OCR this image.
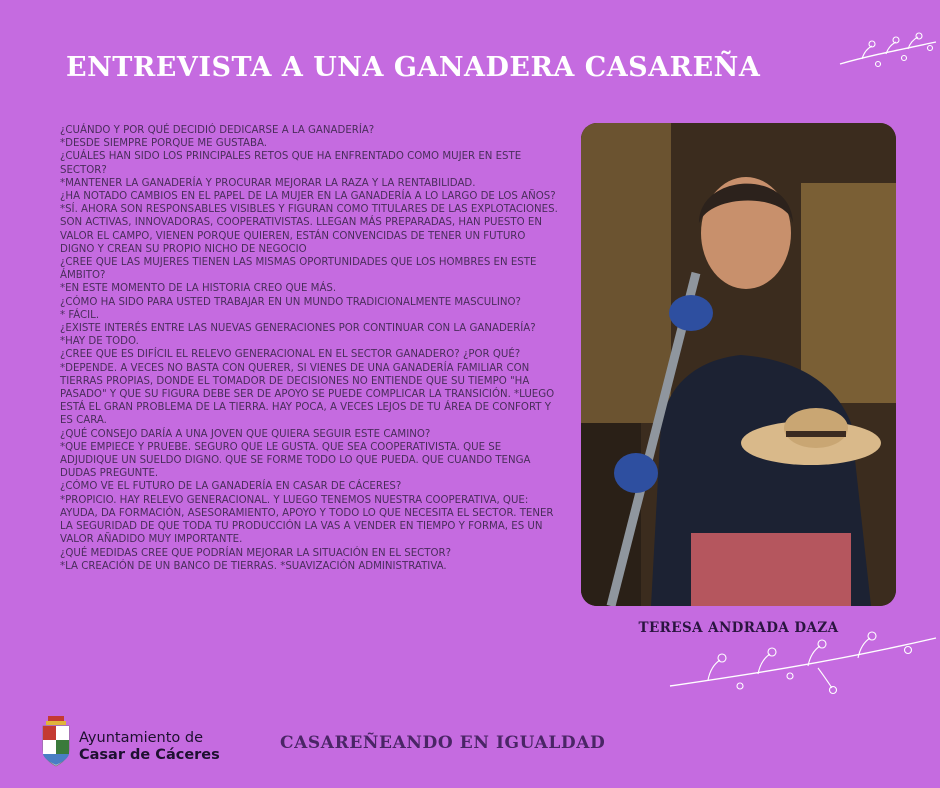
ENTREVISTA A UNA GANADERA CASAREÑA
¿CUÁNDO Y POR QUÉ DECIDIÓ DEDICARSE A LA GANADERÍA?
*DESDE SIEMPRE PORQUE ME GUSTABA.
¿CUÁLES HAN SIDO LOS PRINCIPALES RETOS QUE HA ENFRENTADO COMO MUJER EN ESTE SECTOR?
*MANTENER LA GANADERÍA Y PROCURAR MEJORAR LA RAZA Y LA RENTABILIDAD.
¿HA NOTADO CAMBIOS EN EL PAPEL DE LA MUJER EN LA GANADERÍA A LO LARGO DE LOS AÑOS?
*SÍ. AHORA SON RESPONSABLES VISIBLES Y FIGURAN COMO TITULARES DE LAS EXPLOTACIONES. SON ACTIVAS, INNOVADORAS, COOPERATIVISTAS. LLEGAN MÁS PREPARADAS, HAN PUESTO EN VALOR EL CAMPO, VIENEN PORQUE QUIEREN, ESTÁN CONVENCIDAS DE TENER UN FUTURO DIGNO Y CREAN SU PROPIO NICHO DE NEGOCIO
¿CREE QUE LAS MUJERES TIENEN LAS MISMAS OPORTUNIDADES QUE LOS HOMBRES EN ESTE ÁMBITO?
*EN ESTE MOMENTO DE LA HISTORIA CREO QUE MÁS.
¿CÓMO HA SIDO PARA USTED TRABAJAR EN UN MUNDO TRADICIONALMENTE MASCULINO?
* FÁCIL.
¿EXISTE INTERÉS ENTRE LAS NUEVAS GENERACIONES POR CONTINUAR CON LA GANADERÍA?
*HAY DE TODO.
¿CREE QUE ES DIFÍCIL EL RELEVO GENERACIONAL EN EL SECTOR GANADERO? ¿POR QUÉ?
*DEPENDE. A VECES NO BASTA CON QUERER, SI VIENES DE UNA GANADERÍA FAMILIAR CON TIERRAS PROPIAS, DONDE EL TOMADOR DE DECISIONES NO ENTIENDE QUE SU TIEMPO "HA PASADO" Y QUE SU FIGURA DEBE SER DE APOYO SE PUEDE COMPLICAR LA TRANSICIÓN. *LUEGO ESTÁ EL GRAN PROBLEMA DE LA TIERRA. HAY POCA, A VECES LEJOS DE TU ÁREA DE CONFORT Y ES CARA.
¿QUÉ CONSEJO DARÍA A UNA JOVEN QUE QUIERA SEGUIR ESTE CAMINO?
*QUE EMPIECE Y PRUEBE. SEGURO QUE LE GUSTA. QUE SEA COOPERATIVISTA. QUE SE ADJUDIQUE UN SUELDO DIGNO. QUE SE FORME TODO LO QUE PUEDA. QUE CUANDO TENGA DUDAS PREGUNTE.
¿CÓMO VE EL FUTURO DE LA GANADERÍA EN CASAR DE CÁCERES?
*PROPICIO. HAY RELEVO GENERACIONAL. Y LUEGO TENEMOS NUESTRA COOPERATIVA, QUE: AYUDA, DA FORMACIÓN, ASESORAMIENTO, APOYO Y TODO LO QUE NECESITA EL SECTOR. TENER LA SEGURIDAD DE QUE TODA TU PRODUCCIÓN LA VAS A VENDER EN TIEMPO Y FORMA, ES UN VALOR AÑADIDO MUY IMPORTANTE.
¿QUÉ MEDIDAS CREE QUE PODRÍAN MEJORAR LA SITUACIÓN EN EL SECTOR?
*LA CREACIÓN DE UN BANCO DE TIERRAS. *SUAVIZACIÓN ADMINISTRATIVA.
TERESA ANDRADA DAZA
Ayuntamiento de
Casar de Cáceres
CASAREÑEANDO EN IGUALDAD
